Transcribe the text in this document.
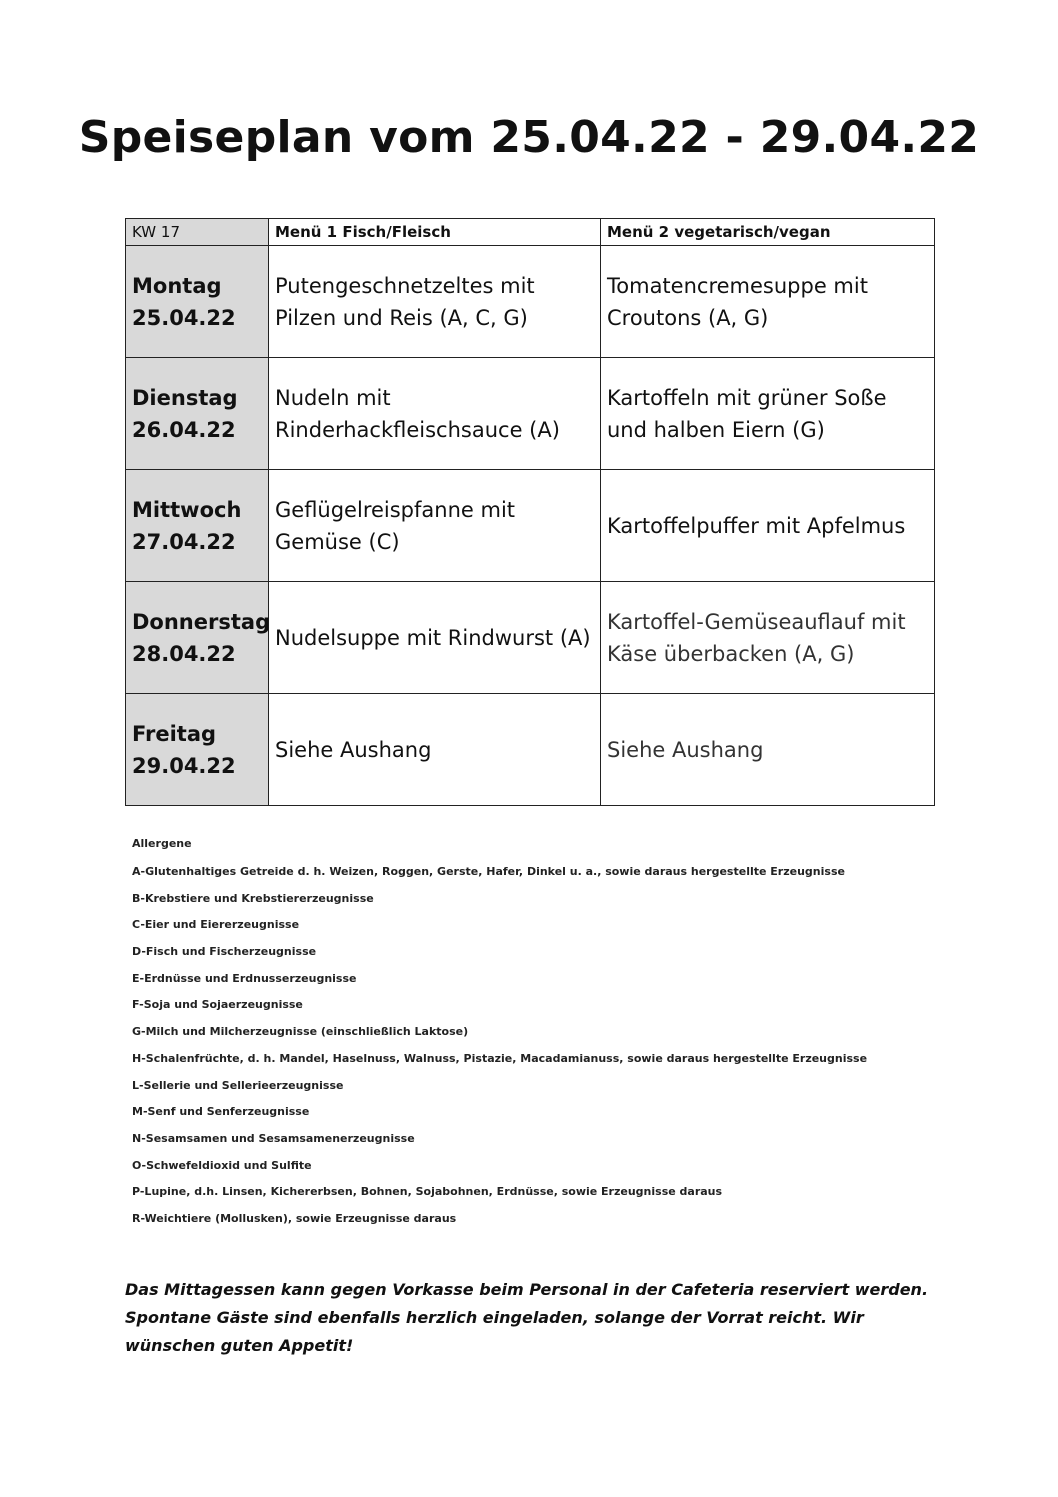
Speiseplan vom 25.04.22 - 29.04.22
KW 17	Menü 1 Fisch/Fleisch	Menü 2 vegetarisch/vegan

Montag
25.04.22	Putengeschnetzeltes mit Pilzen und Reis (A, C, G)	Tomatencremesuppe mit Croutons (A, G)

Dienstag
26.04.22	Nudeln mit Rinderhackfleischsauce (A)	Kartoffeln mit grüner Soße und halben Eiern (G)

Mittwoch
27.04.22	Geflügelreispfanne mit Gemüse (C)	Kartoffelpuffer mit Apfelmus

Donnerstag
28.04.22	Nudelsuppe mit Rindwurst (A)	Kartoffel-Gemüseauflauf mit Käse überbacken (A, G)

Freitag
29.04.22	Siehe Aushang	Siehe Aushang
Allergene
A-Glutenhaltiges Getreide d. h. Weizen, Roggen, Gerste, Hafer, Dinkel u. a., sowie daraus hergestellte Erzeugnisse
B-Krebstiere und Krebstiererzeugnisse
C-Eier und Eiererzeugnisse
D-Fisch und Fischerzeugnisse
E-Erdnüsse und Erdnusserzeugnisse
F-Soja und Sojaerzeugnisse
G-Milch und Milcherzeugnisse (einschließlich Laktose)
H-Schalenfrüchte, d. h. Mandel, Haselnuss, Walnuss, Pistazie, Macadamianuss, sowie daraus hergestellte Erzeugnisse
L-Sellerie und Sellerieerzeugnisse
M-Senf und Senferzeugnisse
N-Sesamsamen und Sesamsamenerzeugnisse
O-Schwefeldioxid und Sulfite
P-Lupine, d.h. Linsen, Kichererbsen, Bohnen, Sojabohnen, Erdnüsse, sowie Erzeugnisse daraus
R-Weichtiere (Mollusken), sowie Erzeugnisse daraus
Das Mittagessen kann gegen Vorkasse beim Personal in der Cafeteria reserviert werden. Spontane Gäste sind ebenfalls herzlich eingeladen, solange der Vorrat reicht. Wir wünschen guten Appetit!
